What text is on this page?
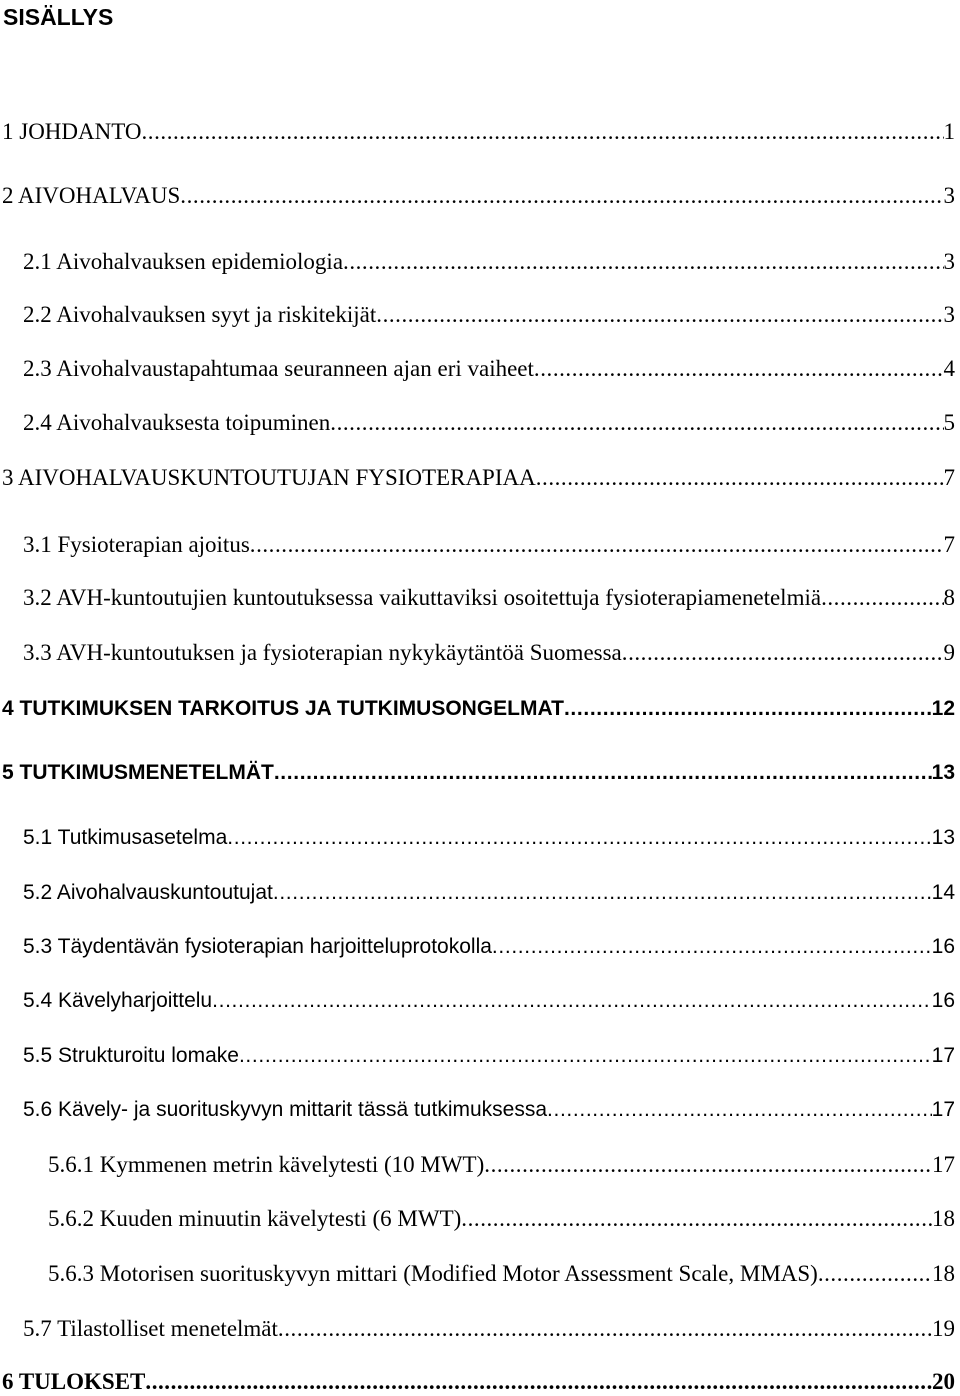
SISÄLLYS
1 JOHDANTO . . .	1
2 AIVOHALVAUS . . .	3
2.1 Aivohalvauksen epidemiologia . . .	3
2.2 Aivohalvauksen syyt ja riskitekijät . . .	3
2.3 Aivohalvaustapahtumaa seuranneen ajan eri vaiheet . . .	4
2.4 Aivohalvauksesta toipuminen . . .	5
3 AIVOHALVAUSKUNTOUTUJAN FYSIOTERAPIAA . . .	7
3.1 Fysioterapian ajoitus . . .	7
3.2 AVH-kuntoutujien kuntoutuksessa vaikuttaviksi osoitettuja fysioterapiamenetelmiä . . .	8
3.3 AVH-kuntoutuksen ja fysioterapian nykykäytäntöä Suomessa . . .	9
4 TUTKIMUKSEN TARKOITUS JA TUTKIMUSONGELMAT . . .	12
5 TUTKIMUSMENETELMÄT . . .	13
5.1 Tutkimusasetelma . . .	13
5.2 Aivohalvauskuntoutujat . . .	14
5.3 Täydentävän fysioterapian harjoitteluprotokolla . . .	16
5.4 Kävelyharjoittelu . . .	16
5.5 Strukturoitu lomake . . .	17
5.6 Kävely- ja suorituskyvyn mittarit tässä tutkimuksessa . . .	17
5.6.1 Kymmenen metrin kävelytesti (10 MWT) . . .	17
5.6.2 Kuuden minuutin kävelytesti (6 MWT) . . .	18
5.6.3 Motorisen suorituskyvyn mittari (Modified Motor Assessment Scale, MMAS) . . .	18
5.7 Tilastolliset menetelmät . . .	19
6 TULOKSET . . .	20
